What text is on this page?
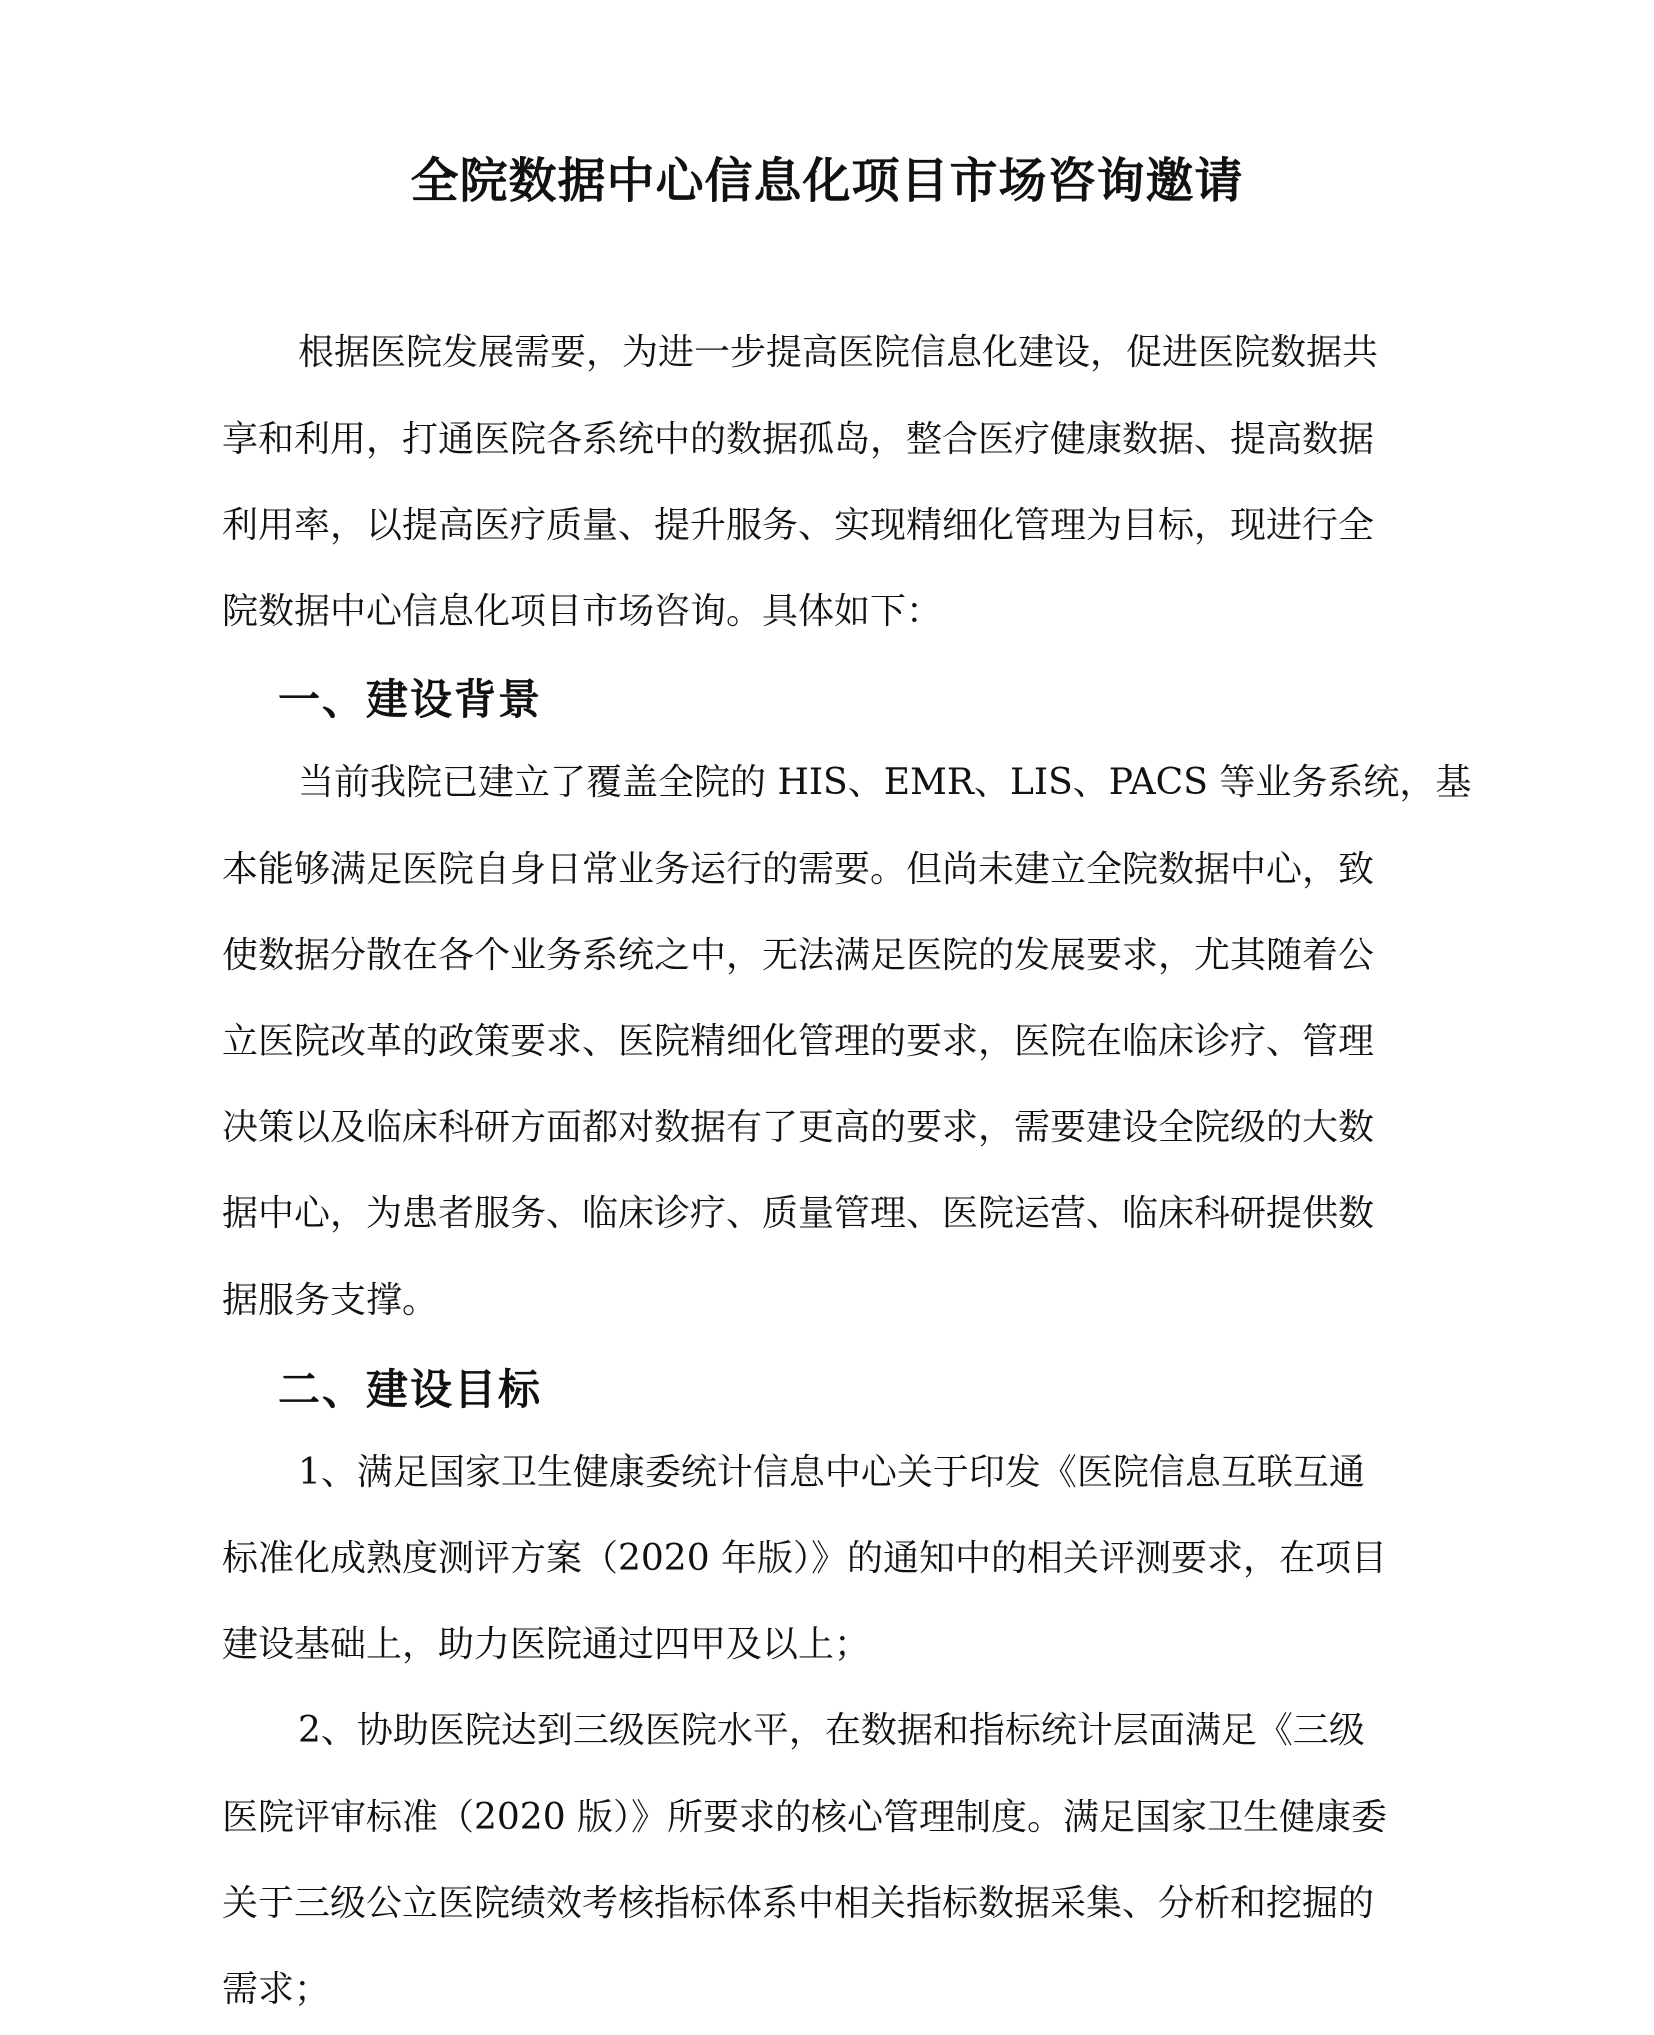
全院数据中心信息化项目市场咨询邀请

根据医院发展需要，为进一步提高医院信息化建设，促进医院数据共

享和利用，打通医院各系统中的数据孤岛，整合医疗健康数据、提高数据

利用率，以提高医疗质量、提升服务、实现精细化管理为目标，现进行全

院数据中心信息化项目市场咨询。具体如下：

一、建设背景

当前我院已建立了覆盖全院的 HIS、EMR、LIS、PACS 等业务系统，基

本能够满足医院自身日常业务运行的需要。但尚未建立全院数据中心，致

使数据分散在各个业务系统之中，无法满足医院的发展要求，尤其随着公

立医院改革的政策要求、医院精细化管理的要求，医院在临床诊疗、管理

决策以及临床科研方面都对数据有了更高的要求，需要建设全院级的大数

据中心，为患者服务、临床诊疗、质量管理、医院运营、临床科研提供数

据服务支撑。

二、建设目标

1、满足国家卫生健康委统计信息中心关于印发《医院信息互联互通

标准化成熟度测评方案（2020 年版）》的通知中的相关评测要求，在项目

建设基础上，助力医院通过四甲及以上；

2、协助医院达到三级医院水平，在数据和指标统计层面满足《三级

医院评审标准（2020 版）》所要求的核心管理制度。满足国家卫生健康委

关于三级公立医院绩效考核指标体系中相关指标数据采集、分析和挖掘的

需求；
